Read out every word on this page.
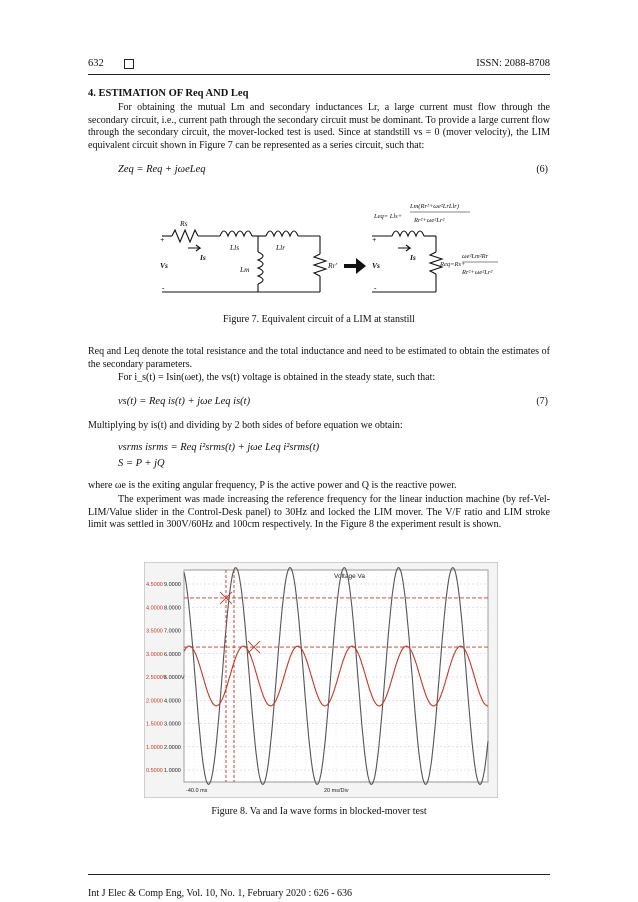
632	ISSN: 2088-8708
4. ESTIMATION OF Req AND Leq
For obtaining the mutual Lm and secondary inductances Lr, a large current must flow through the secondary circuit, i.e., current path through the secondary circuit must be dominant. To provide a large current flow through the secondary circuit, the mover-locked test is used. Since at standstill vs = 0 (mover velocity), the LIM equivalent circuit shown in Figure 7 can be represented as a series circuit, such that:
Zeq = Req + jωeLeq	(6)
Rs
Lls	Llr
Lm	Rr'
Is	Is
Vs	Vs
+	+
-	-
Leq= Lls+
Lm(Rr²+ωe²LrLlr)
Rr²+ωe²Lr²
Req=Rs+
ωe²Lm²Rr
Rr²+ωe²Lr²
Figure 7. Equivalent circuit of a LIM at stanstill
Req and Leq denote the total resistance and the total inductance and need to be estimated to obtain the estimates of the secondary parameters.
For i_s(t) = Isin(ωet), the vs(t) voltage is obtained in the steady state, such that:
vs(t) = Req is(t) + jωe Leq is(t)	(7)
Multiplying by is(t) and dividing by 2 both sides of before equation we obtain:
vsrms isrms = Req i²srms(t) + jωe Leq i²srms(t)
S = P + jQ
where ωe is the exiting angular frequency, P is the active power and Q is the reactive power.
The experiment was made increasing the reference frequency for the linear induction machine (by ref-Vel-LIM/Value slider in the Control-Desk panel) to 30Hz and locked the LIM mover. The V/F ratio and LIM stroke limit was settled in 300V/60Hz and 100cm respectively. In the Figure 8 the experiment result is shown.
4.5000
4.0000
3.5000
3.0000
2.5000V
2.0000
1.5000
1.0000
0.5000
9.0000
8.0000
7.0000
6.0000
5.0000V
4.0000
3.0000
2.0000
1.0000
-40.0 ms	20 ms/Div
Voltage Va
Figure 8. Va and Ia wave forms in blocked-mover test
Int J Elec & Comp Eng, Vol. 10, No. 1, February 2020 : 626 - 636
